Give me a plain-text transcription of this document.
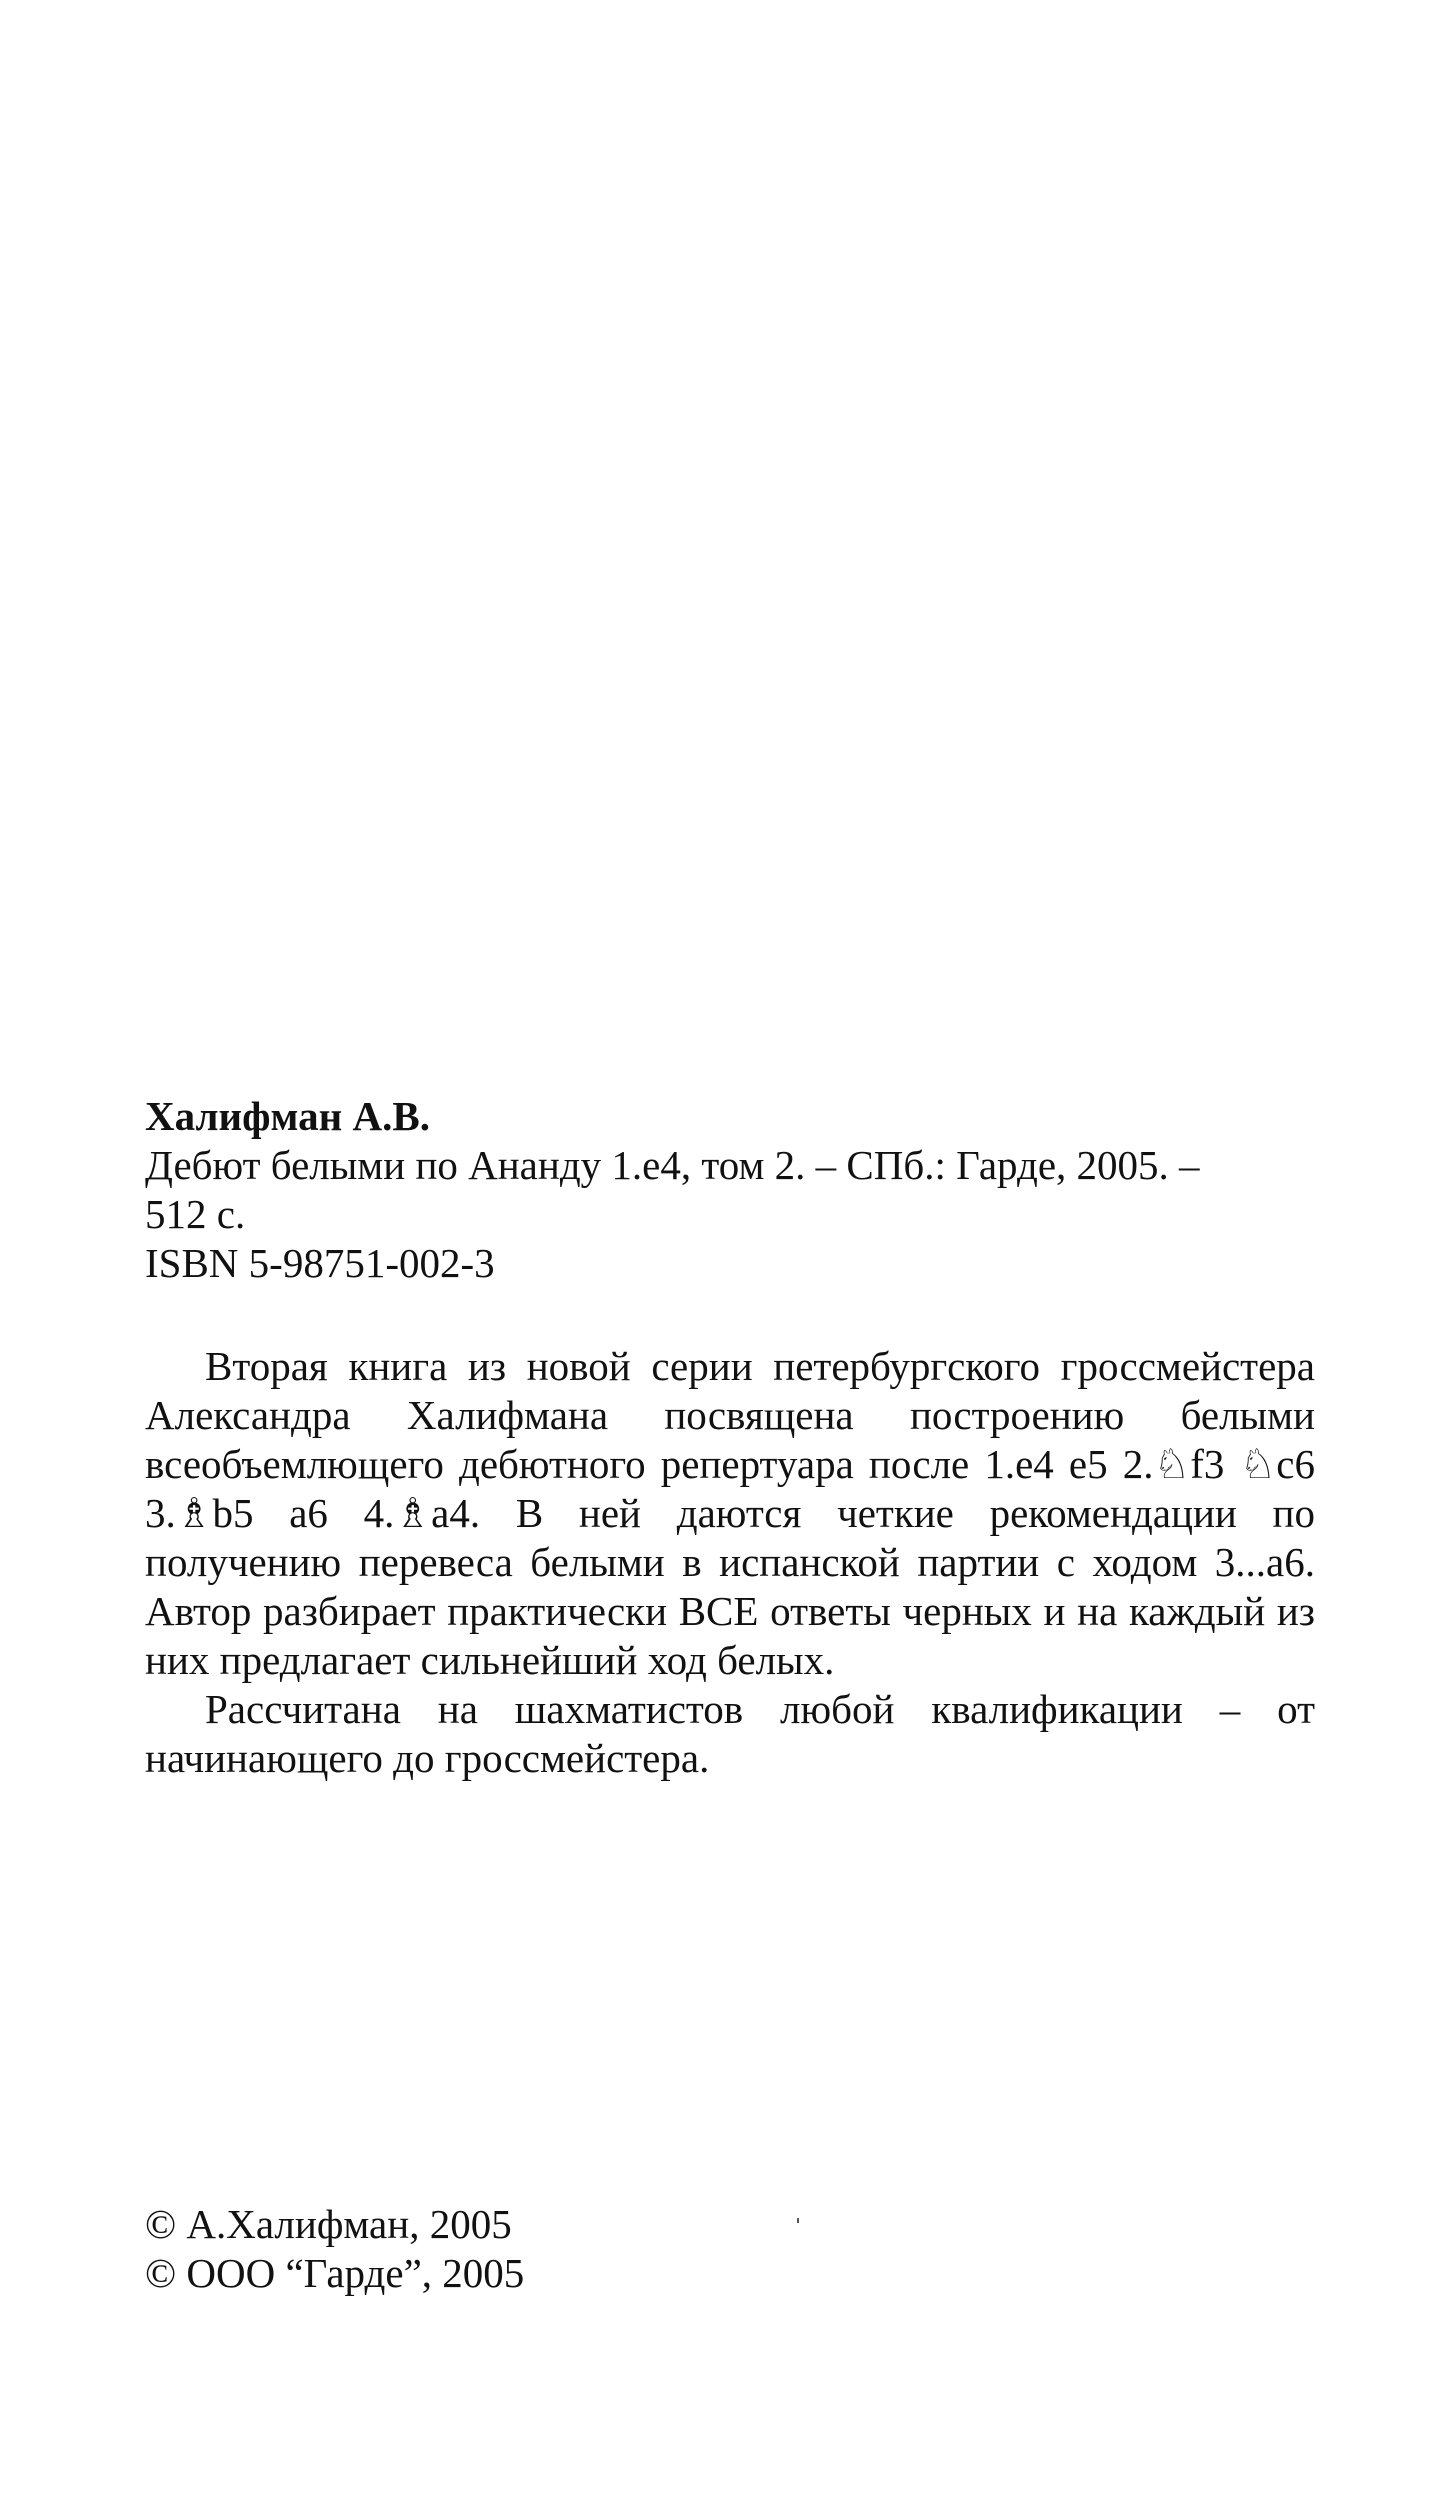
Халифман А.В.
Дебют белыми по Ананду 1.е4, том 2. – СПб.: Гарде, 2005. –
512 с.
ISBN 5-98751-002-3

Вторая книга из новой серии петербургского гроссмейстера Александра Халифмана посвящена построению белыми всеобъемлющего дебютного репертуара после 1.е4 е5 2.♘f3 ♘c6 3.♗b5 a6 4.♗a4. В ней даются четкие рекомендации по получению перевеса белыми в испанской партии с ходом 3...а6. Автор разбирает практически ВСЕ ответы черных и на каждый из них предлагает сильнейший ход белых.

Рассчитана на шахматистов любой квалификации – от начинающего до гроссмейстера.

© А.Халифман, 2005
© ООО “Гарде”, 2005
